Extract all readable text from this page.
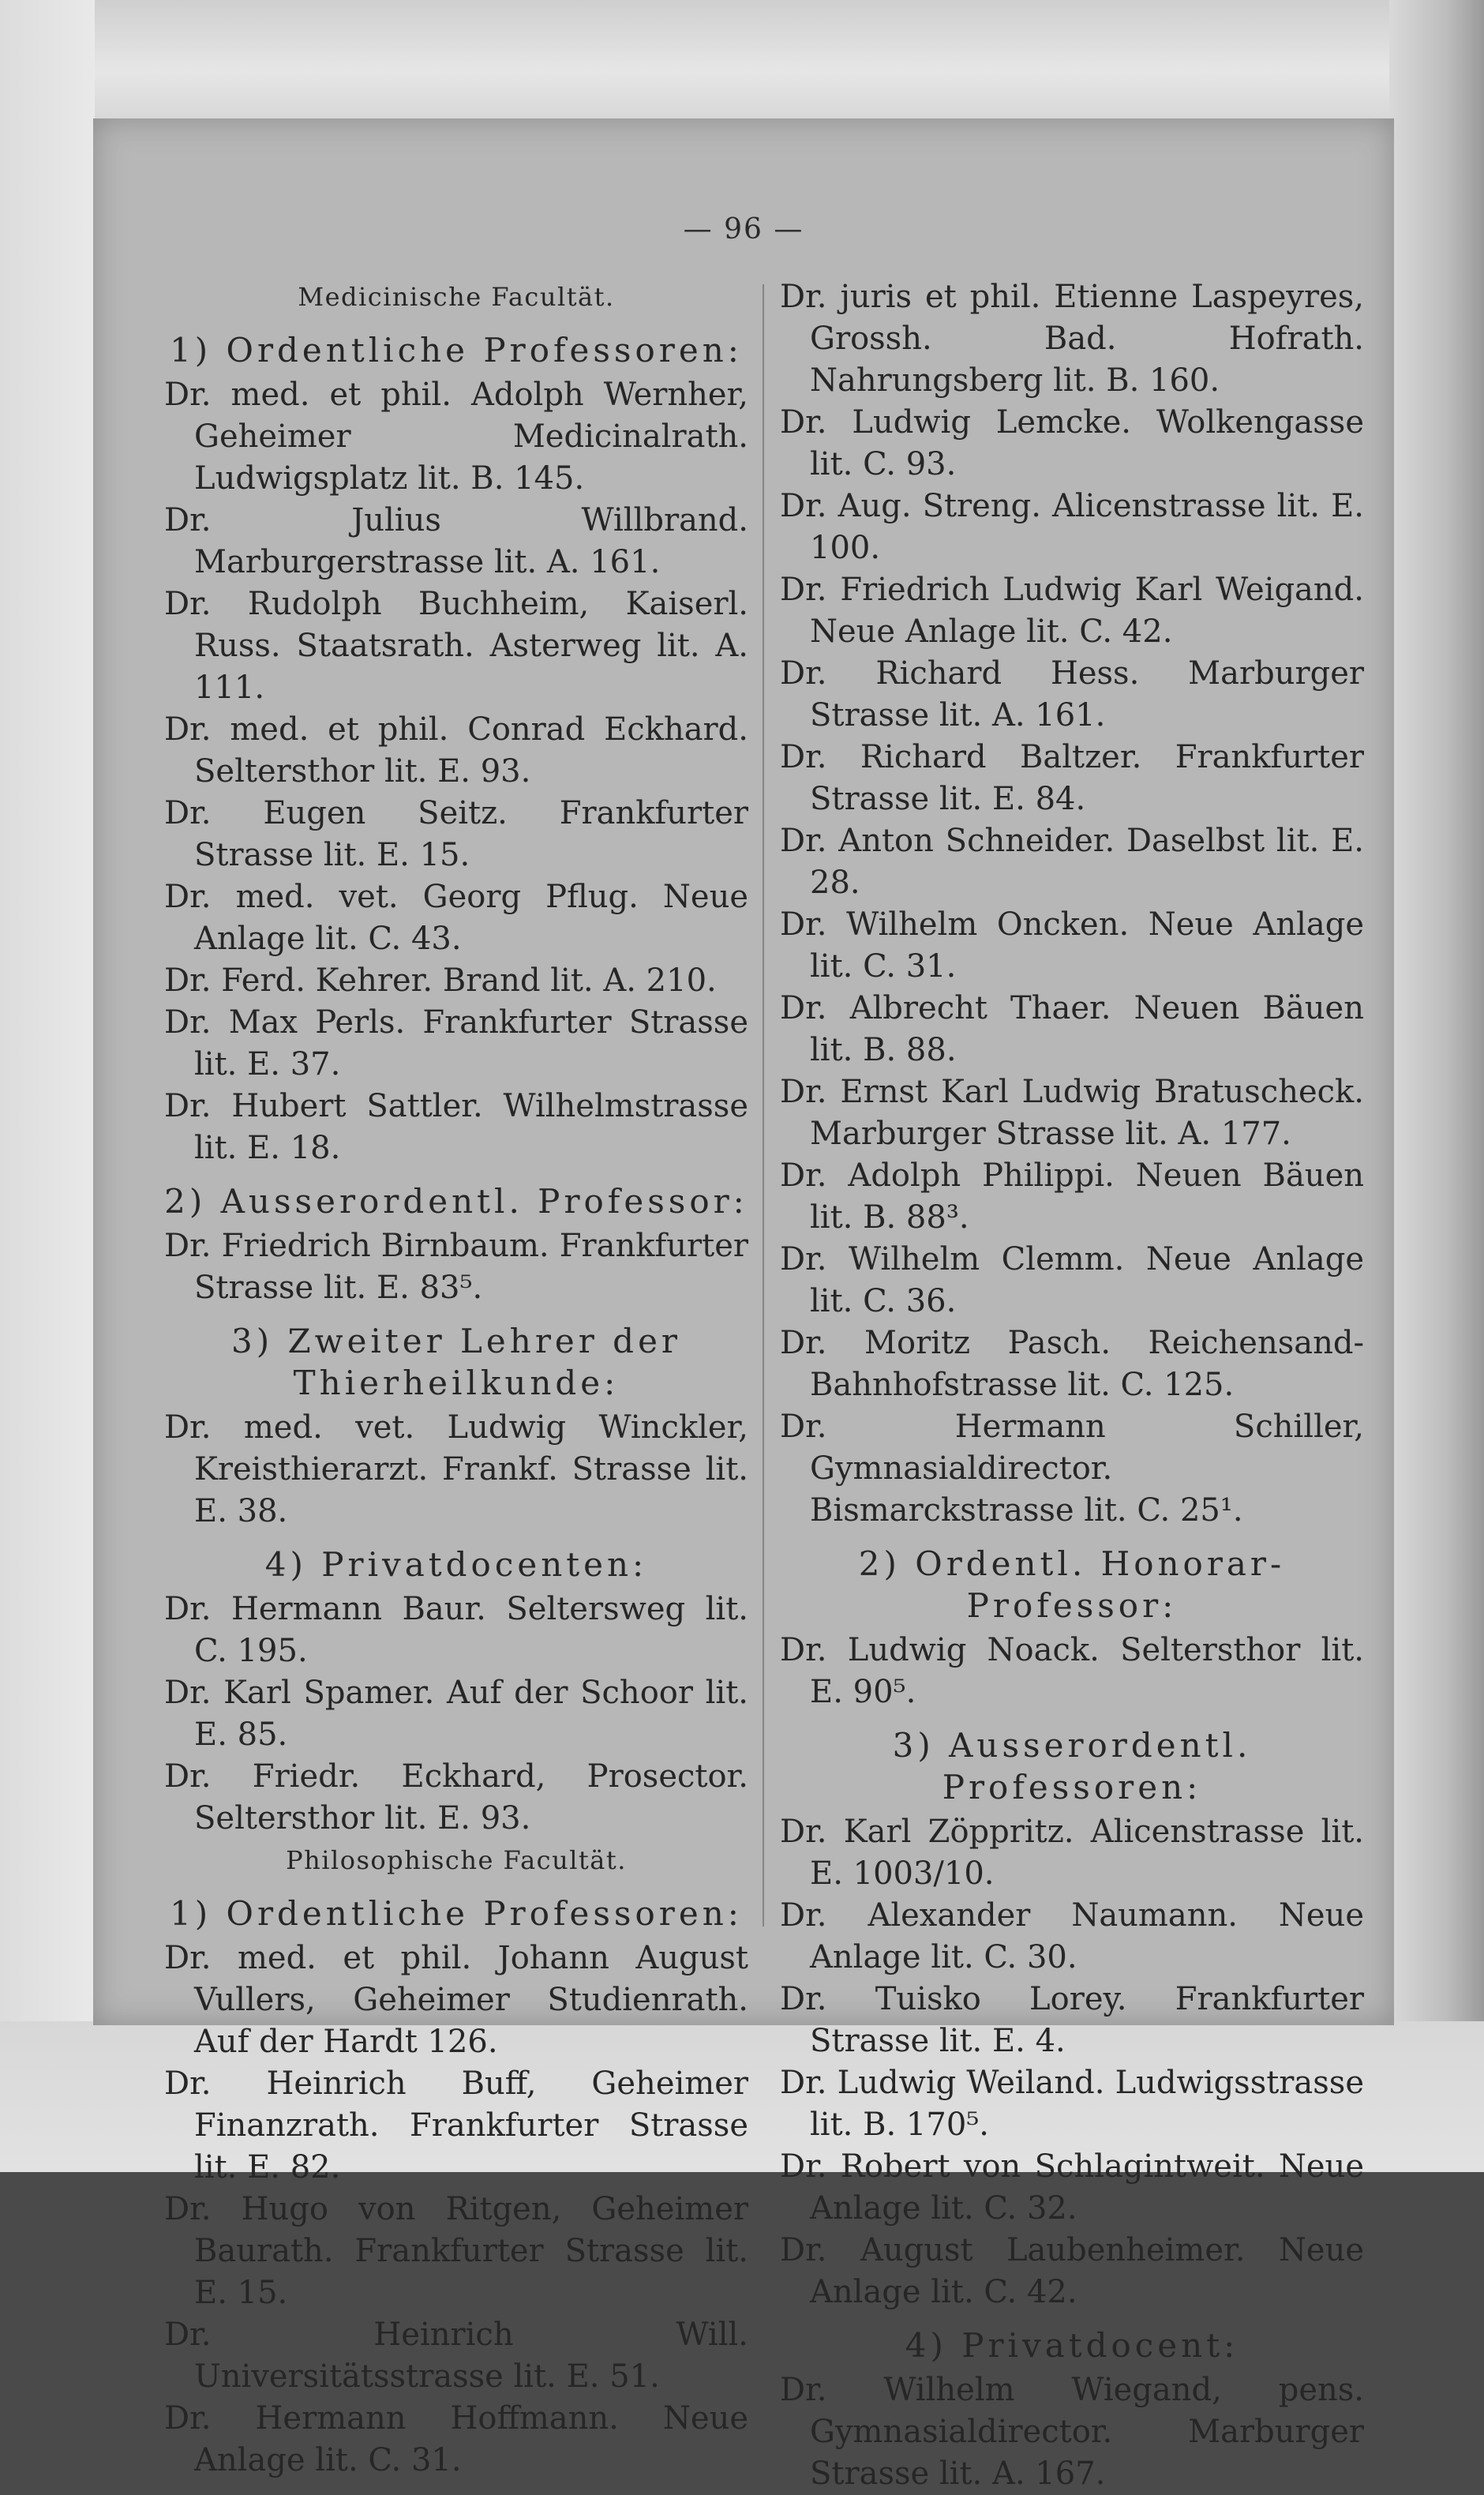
— 96 —

Medicinische Facultät.

1) Ordentliche Professoren:

Dr. med. et phil. Adolph Wernher, Geheimer Medicinalrath. Ludwigsplatz lit. B. 145.

Dr. Julius Willbrand. Marburgerstrasse lit. A. 161.

Dr. Rudolph Buchheim, Kaiserl. Russ. Staatsrath. Asterweg lit. A. 111.

Dr. med. et phil. Conrad Eckhard. Seltersthor lit. E. 93.

Dr. Eugen Seitz. Frankfurter Strasse lit. E. 15.

Dr. med. vet. Georg Pflug. Neue Anlage lit. C. 43.

Dr. Ferd. Kehrer. Brand lit. A. 210.

Dr. Max Perls. Frankfurter Strasse lit. E. 37.

Dr. Hubert Sattler. Wilhelmstrasse lit. E. 18.

2) Ausserordentl. Professor:

Dr. Friedrich Birnbaum. Frankfurter Strasse lit. E. 83⁵.

3) Zweiter Lehrer der Thierheilkunde:

Dr. med. vet. Ludwig Winckler, Kreisthierarzt. Frankf. Strasse lit. E. 38.

4) Privatdocenten:

Dr. Hermann Baur. Seltersweg lit. C. 195.

Dr. Karl Spamer. Auf der Schoor lit. E. 85.

Dr. Friedr. Eckhard, Prosector. Seltersthor lit. E. 93.

Philosophische Facultät.

1) Ordentliche Professoren:

Dr. med. et phil. Johann August Vullers, Geheimer Studienrath. Auf der Hardt 126.

Dr. Heinrich Buff, Geheimer Finanzrath. Frankfurter Strasse lit. E. 82.

Dr. Hugo von Ritgen, Geheimer Baurath. Frankfurter Strasse lit. E. 15.

Dr. Heinrich Will. Universitätsstrasse lit. E. 51.

Dr. Hermann Hoffmann. Neue Anlage lit. C. 31.

Dr. juris et phil. Etienne Laspeyres, Grossh. Bad. Hofrath. Nahrungsberg lit. B. 160.

Dr. Ludwig Lemcke. Wolkengasse lit. C. 93.

Dr. Aug. Streng. Alicenstrasse lit. E. 100.

Dr. Friedrich Ludwig Karl Weigand. Neue Anlage lit. C. 42.

Dr. Richard Hess. Marburger Strasse lit. A. 161.

Dr. Richard Baltzer. Frankfurter Strasse lit. E. 84.

Dr. Anton Schneider. Daselbst lit. E. 28.

Dr. Wilhelm Oncken. Neue Anlage lit. C. 31.

Dr. Albrecht Thaer. Neuen Bäuen lit. B. 88.

Dr. Ernst Karl Ludwig Bratuscheck. Marburger Strasse lit. A. 177.

Dr. Adolph Philippi. Neuen Bäuen lit. B. 88³.

Dr. Wilhelm Clemm. Neue Anlage lit. C. 36.

Dr. Moritz Pasch. Reichensand-Bahnhofstrasse lit. C. 125.

Dr. Hermann Schiller, Gymnasialdirector. Bismarckstrasse lit. C. 25¹.

2) Ordentl. Honorar-Professor:

Dr. Ludwig Noack. Seltersthor lit. E. 90⁵.

3) Ausserordentl. Professoren:

Dr. Karl Zöppritz. Alicenstrasse lit. E. 1003/10.

Dr. Alexander Naumann. Neue Anlage lit. C. 30.

Dr. Tuisko Lorey. Frankfurter Strasse lit. E. 4.

Dr. Ludwig Weiland. Ludwigsstrasse lit. B. 170⁵.

Dr. Robert von Schlagintweit. Neue Anlage lit. C. 32.

Dr. August Laubenheimer. Neue Anlage lit. C. 42.

4) Privatdocent:

Dr. Wilhelm Wiegand, pens. Gymnasialdirector. Marburger Strasse lit. A. 167.
